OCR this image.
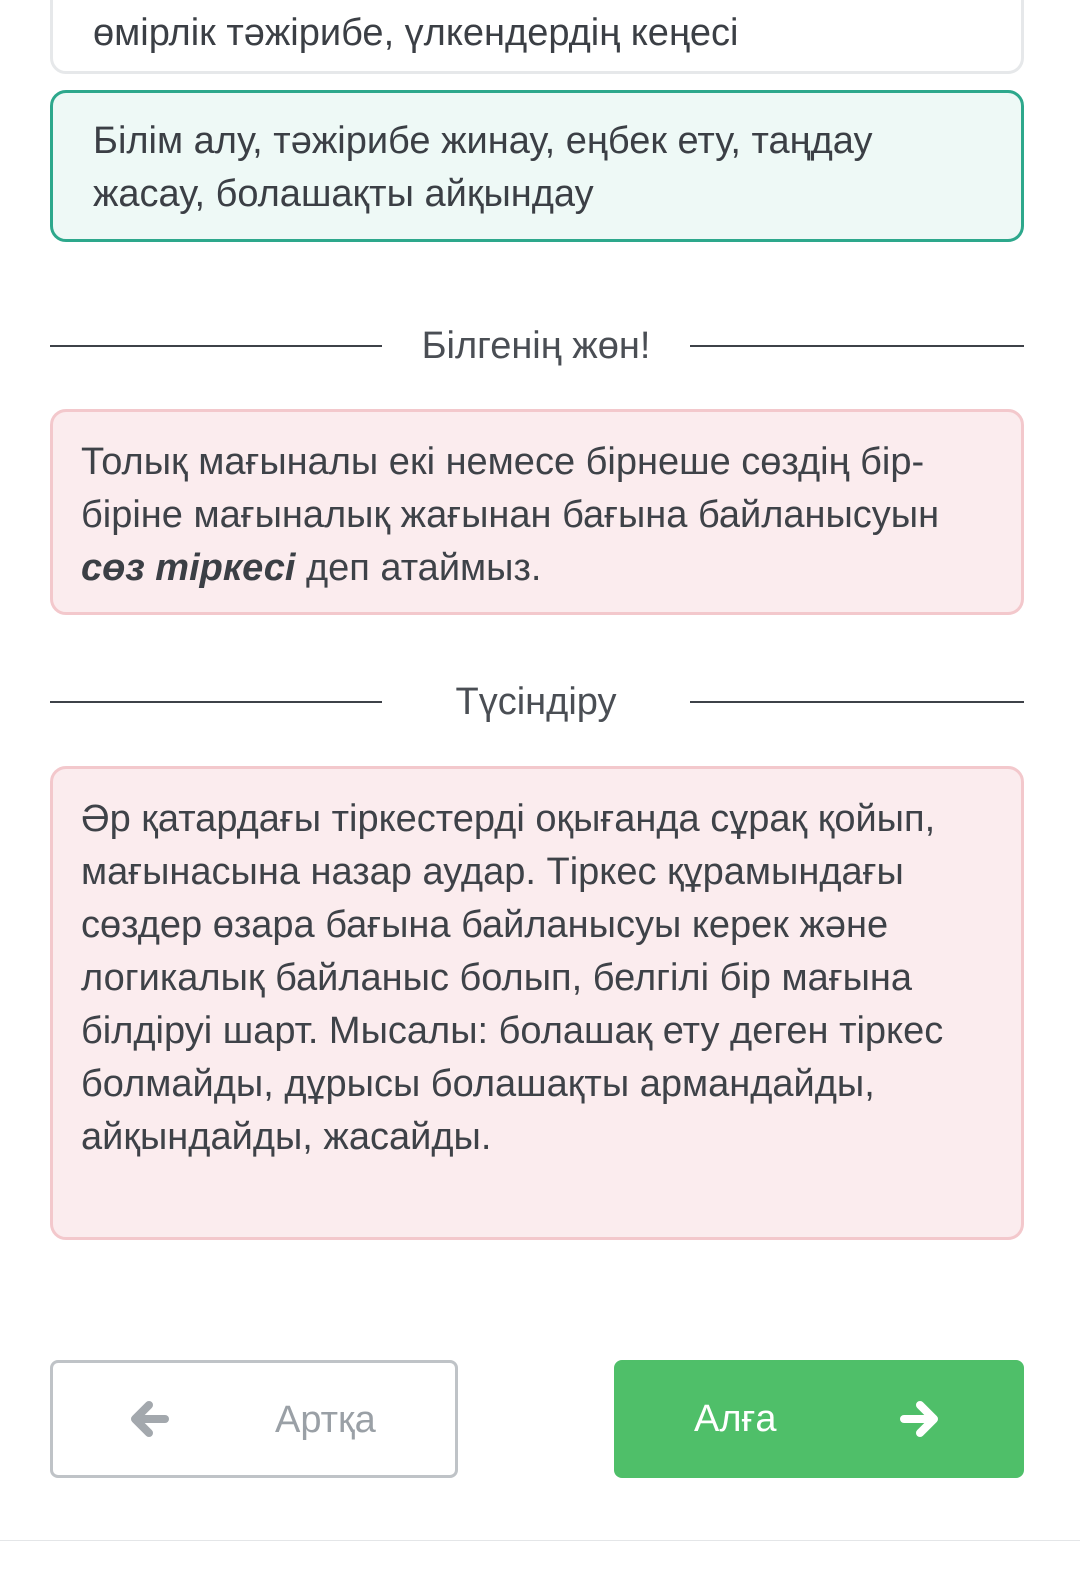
өмірлік тәжірибе, үлкендердің кеңесі
Білім алу, тәжірибе жинау, еңбек ету, таңдау жасау, болашақты айқындау
Білгенің жөн!
Толық мағыналы екі немесе бірнеше сөздің бір-біріне мағыналық жағынан бағына байланысуын сөз тіркесі деп атаймыз.
Түсіндіру
Әр қатардағы тіркестерді оқығанда сұрақ қойып, мағынасына назар аудар. Тіркес құрамындағы сөздер өзара бағына байланысуы керек және логикалық байланыс болып, белгілі бір мағына білдіруі шарт. Мысалы: болашақ ету деген тіркес болмайды, дұрысы болашақты армандайды, айқындайды, жасайды.
Артқа	Алға
